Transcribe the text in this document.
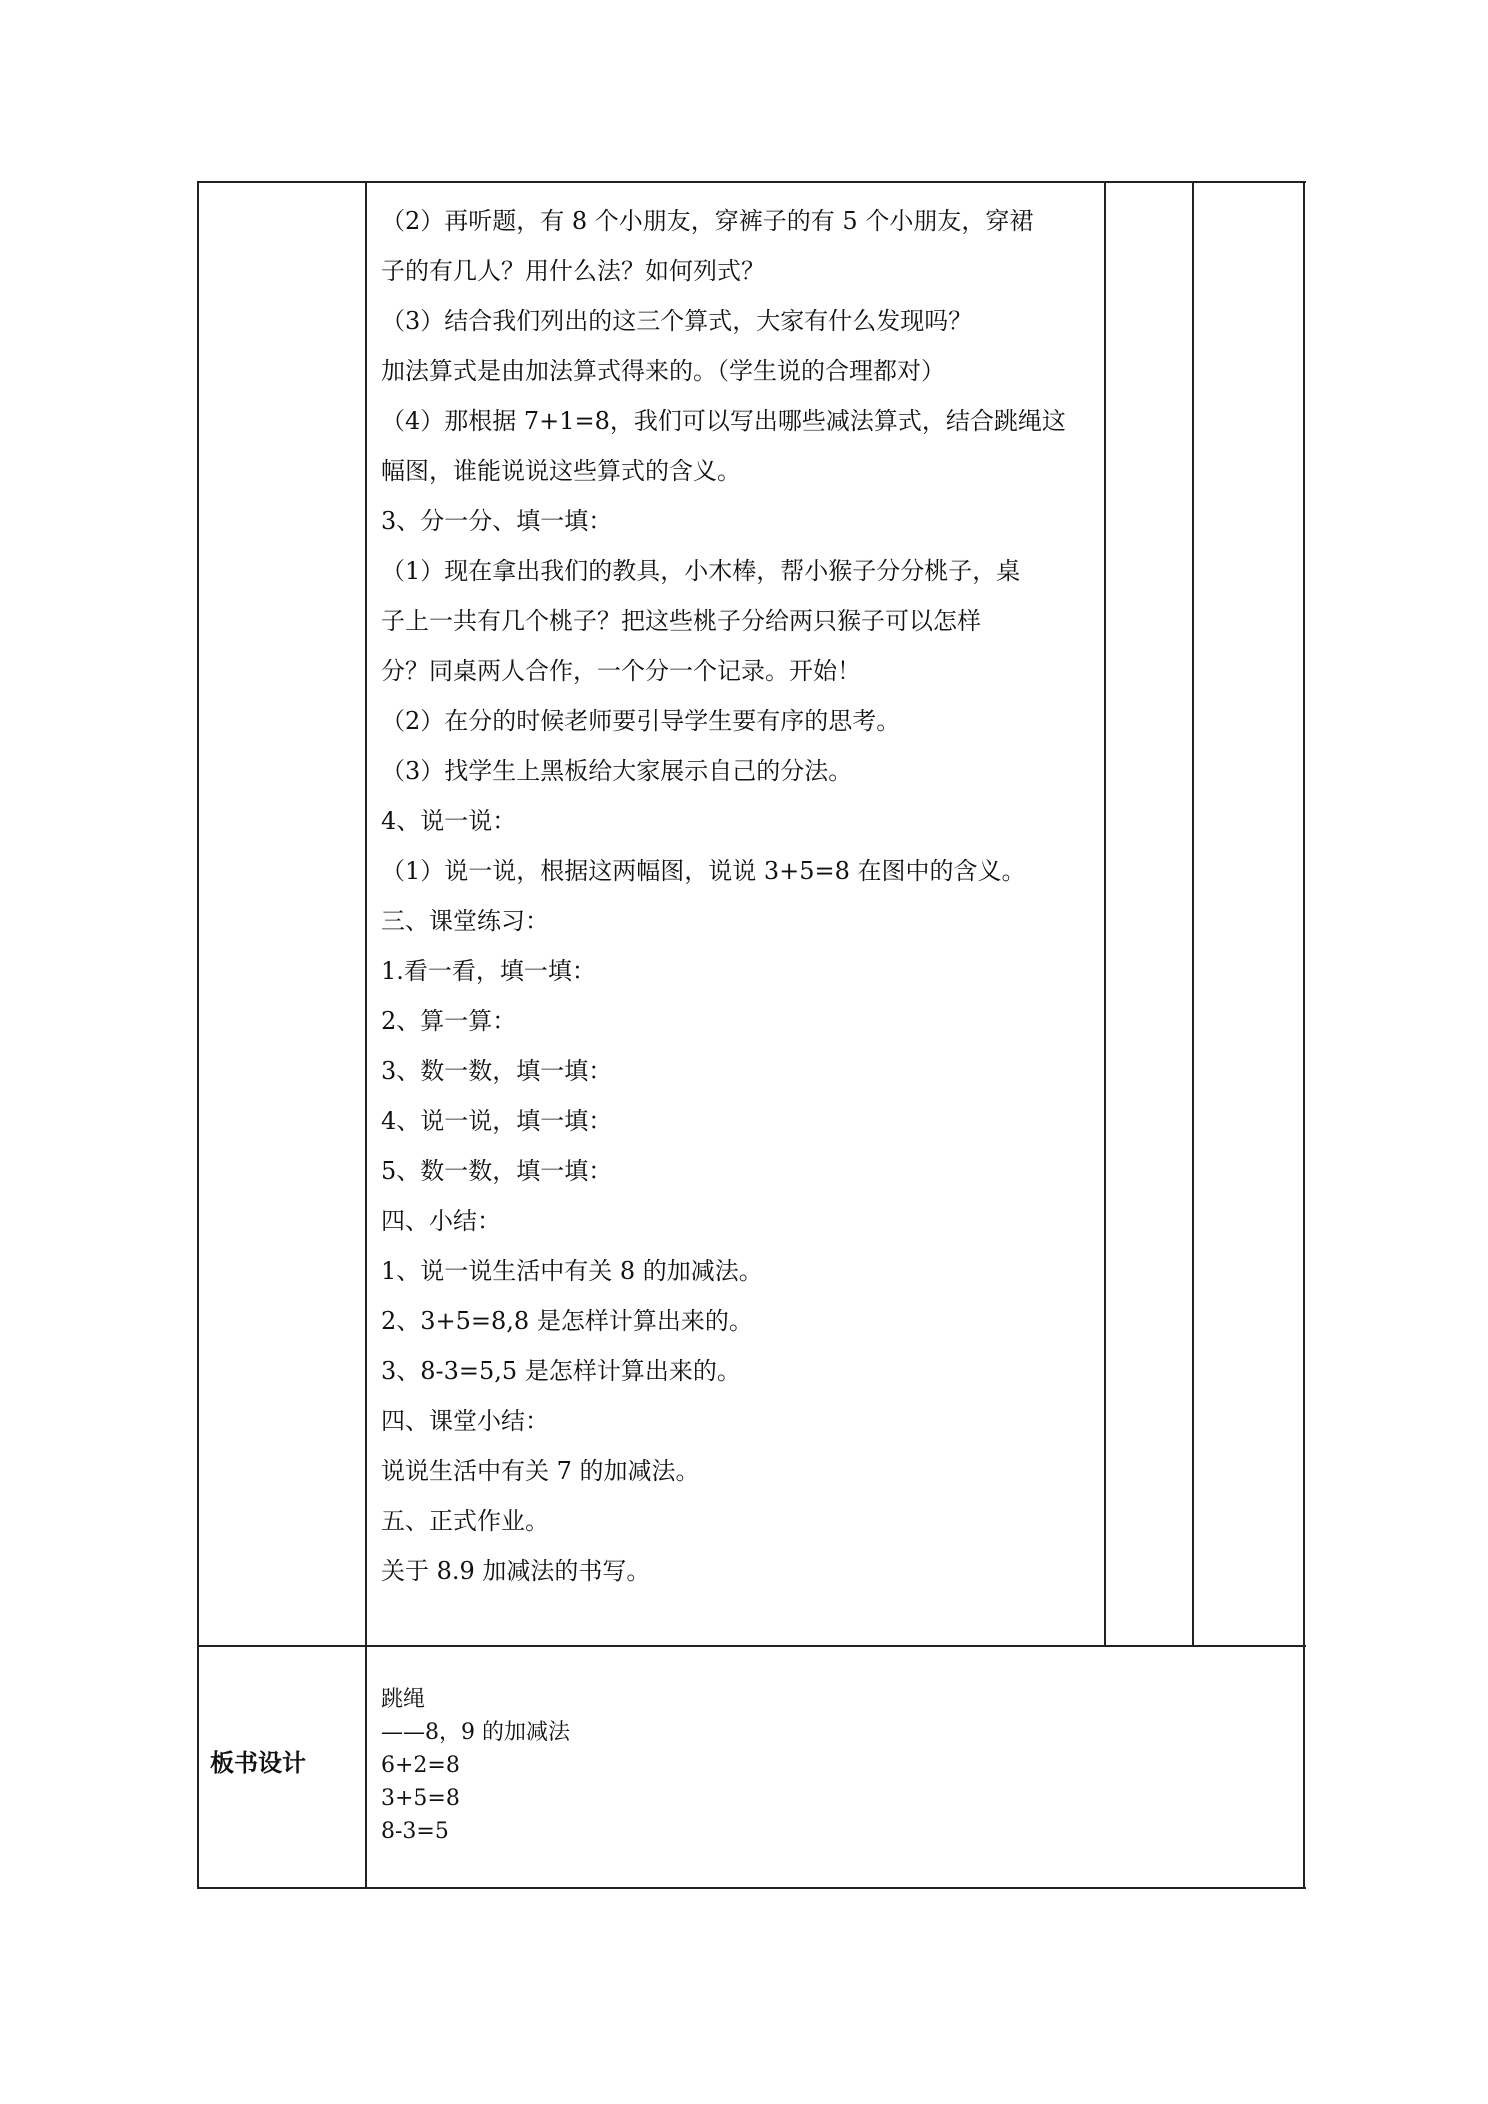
（2）再听题，有 8 个小朋友，穿裤子的有 5 个小朋友，穿裙
子的有几人？用什么法？如何列式？
（3）结合我们列出的这三个算式，大家有什么发现吗？
加法算式是由加法算式得来的。（学生说的合理都对）
（4）那根据 7+1=8，我们可以写出哪些减法算式，结合跳绳这
幅图，谁能说说这些算式的含义。
3、分一分、填一填：
（1）现在拿出我们的教具，小木棒，帮小猴子分分桃子，桌
子上一共有几个桃子？把这些桃子分给两只猴子可以怎样
分？同桌两人合作，一个分一个记录。开始！
（2）在分的时候老师要引导学生要有序的思考。
（3）找学生上黑板给大家展示自己的分法。
4、说一说：
（1）说一说，根据这两幅图，说说 3+5=8 在图中的含义。
三、课堂练习：
1.看一看，填一填：
2、算一算：
3、数一数，填一填：
4、说一说，填一填：
5、数一数，填一填：
四、小结：
1、说一说生活中有关 8 的加减法。
2、3+5=8,8 是怎样计算出来的。
3、8-3=5,5 是怎样计算出来的。
四、课堂小结：
说说生活中有关 7 的加减法。
五、正式作业。
关于 8.9 加减法的书写。
板书设计
跳绳
——8，9 的加减法
6+2=8
3+5=8
8-3=5
